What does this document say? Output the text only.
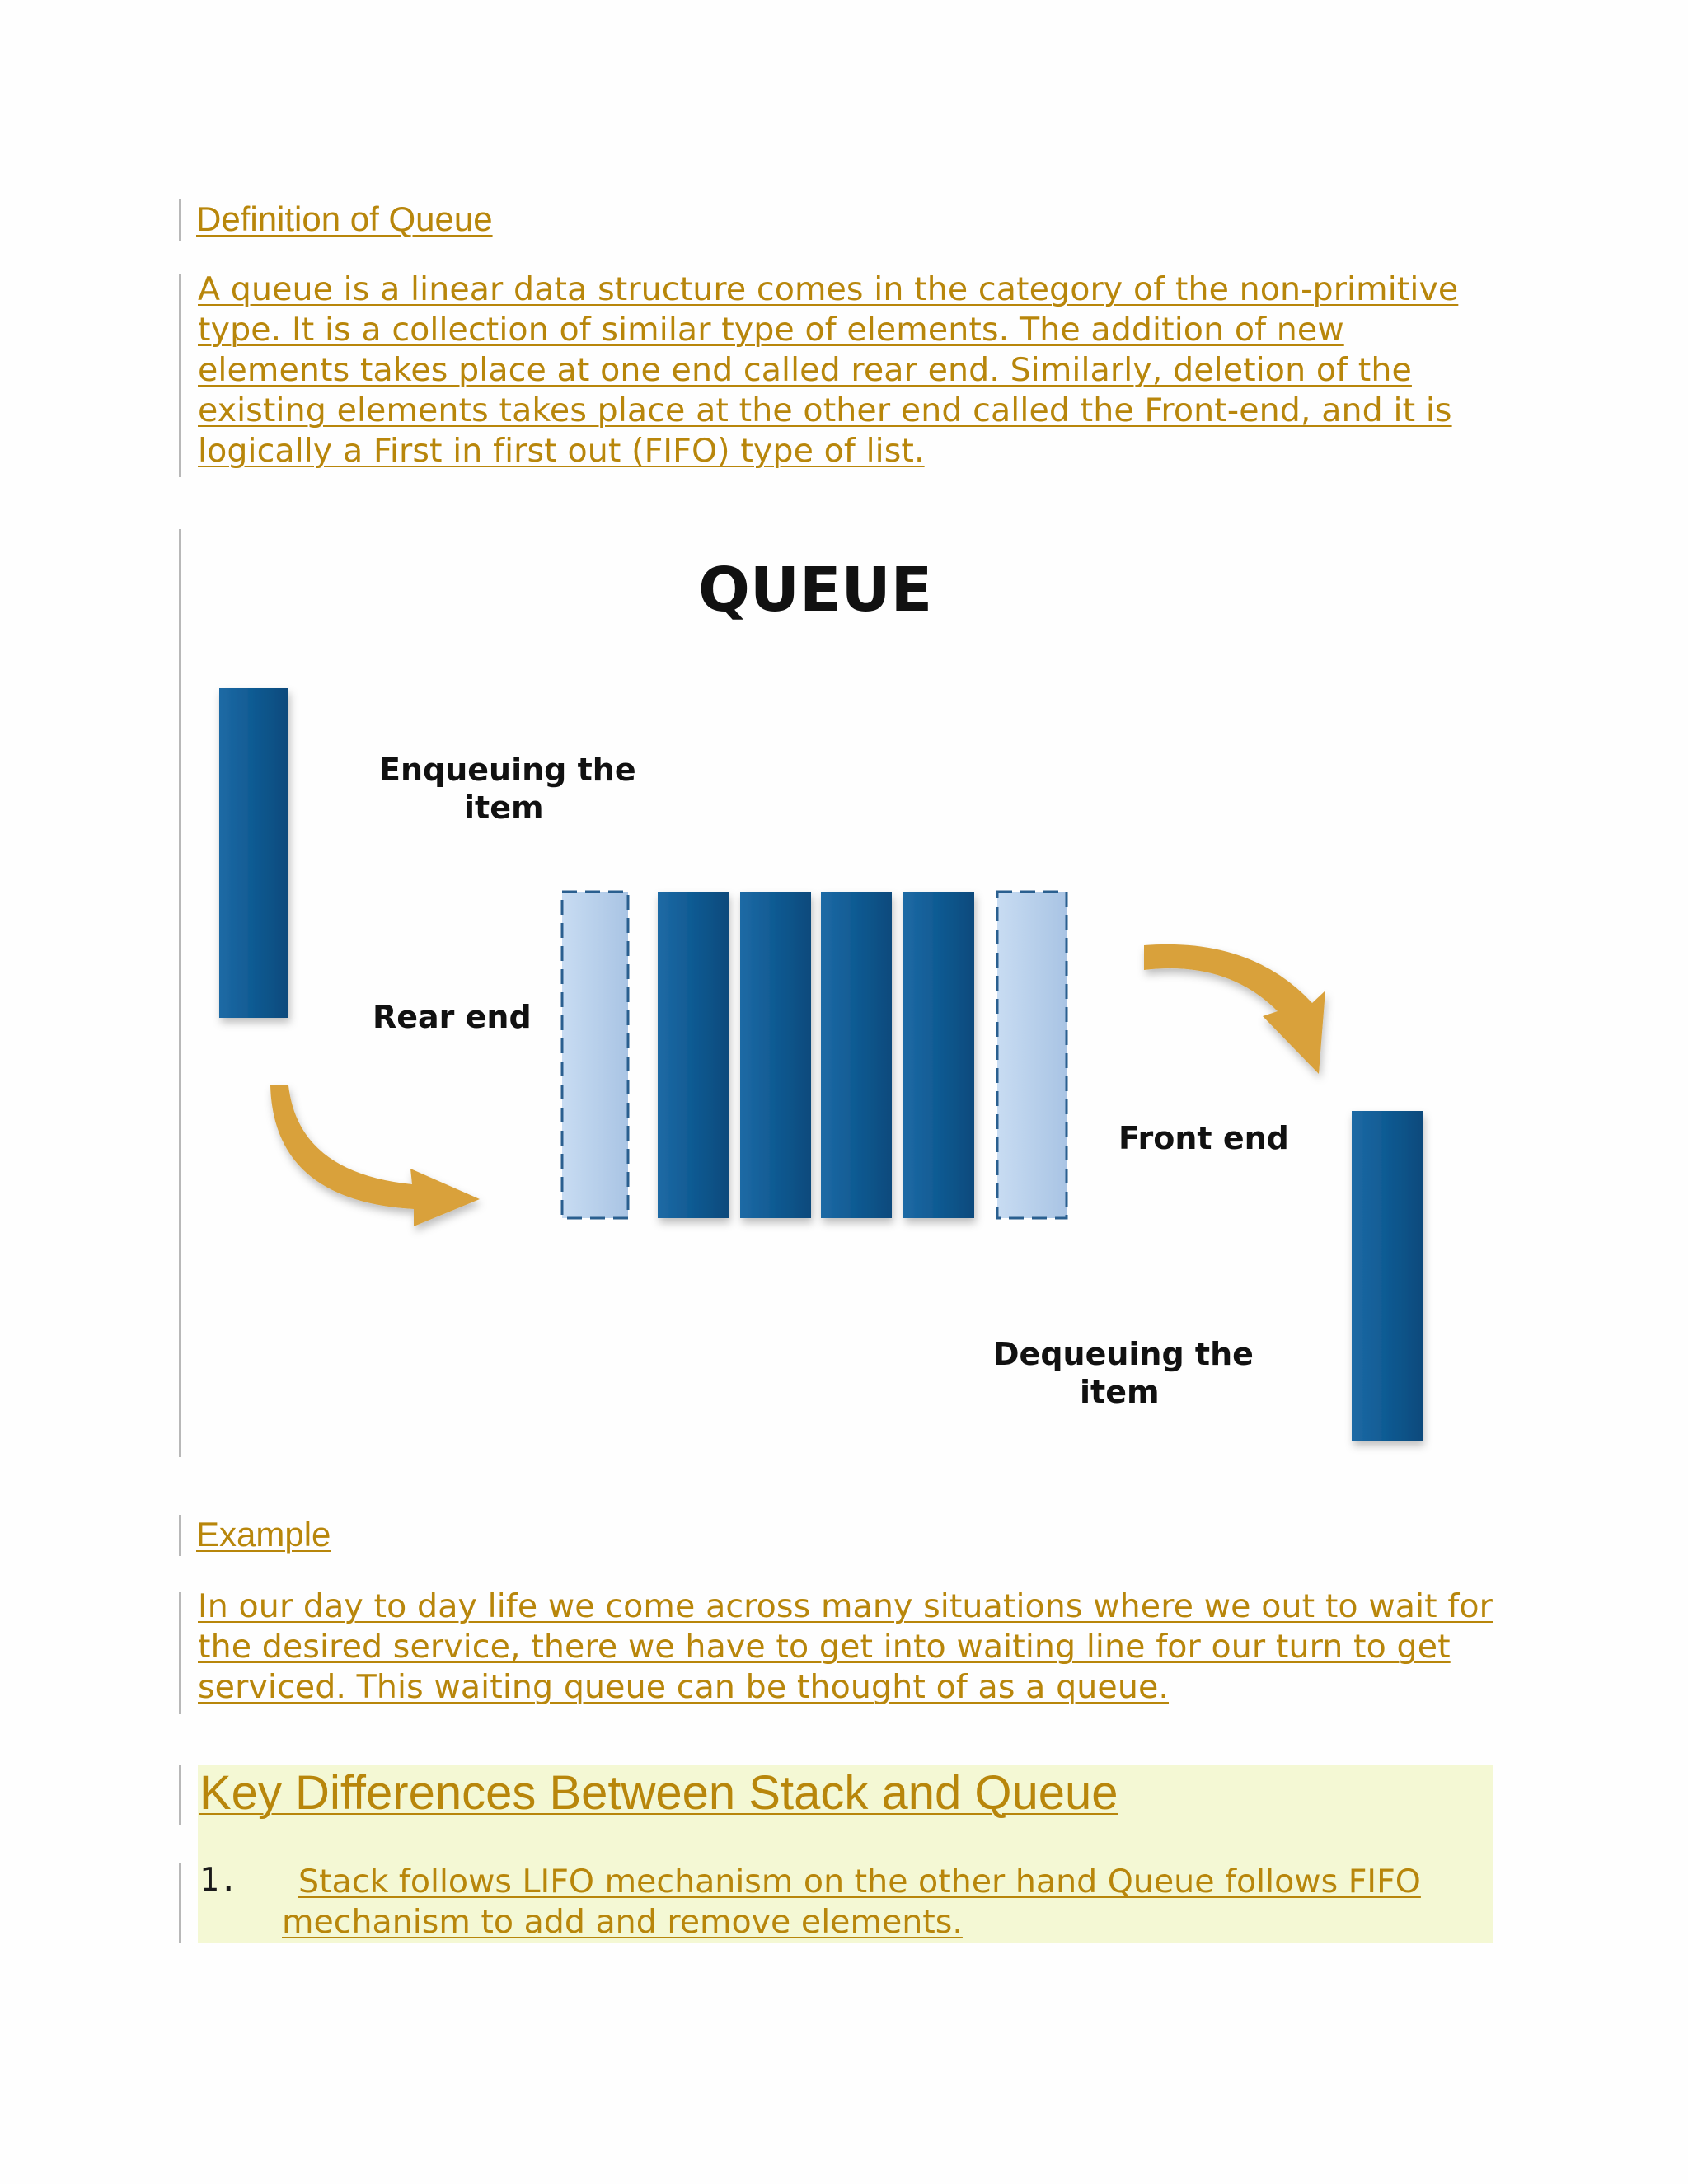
Definition of Queue
A queue is a linear data structure comes in the category of the non-primitive type. It is a collection of similar type of elements. The addition of new elements takes place at one end called rear end. Similarly, deletion of the existing elements takes place at the other end called the Front-end, and it is logically a First in first out (FIFO) type of list.
QUEUE
Enqueuing the
item
Rear end
Front end
Dequeuing the
item
Example
In our day to day life we come across many situations where we out to wait for the desired service, there we have to get into waiting line for our turn to get serviced. This waiting queue can be thought of as a queue.
Key Differences Between Stack and Queue
1.	Stack follows LIFO mechanism on the other hand Queue follows FIFO mechanism to add and remove elements.
